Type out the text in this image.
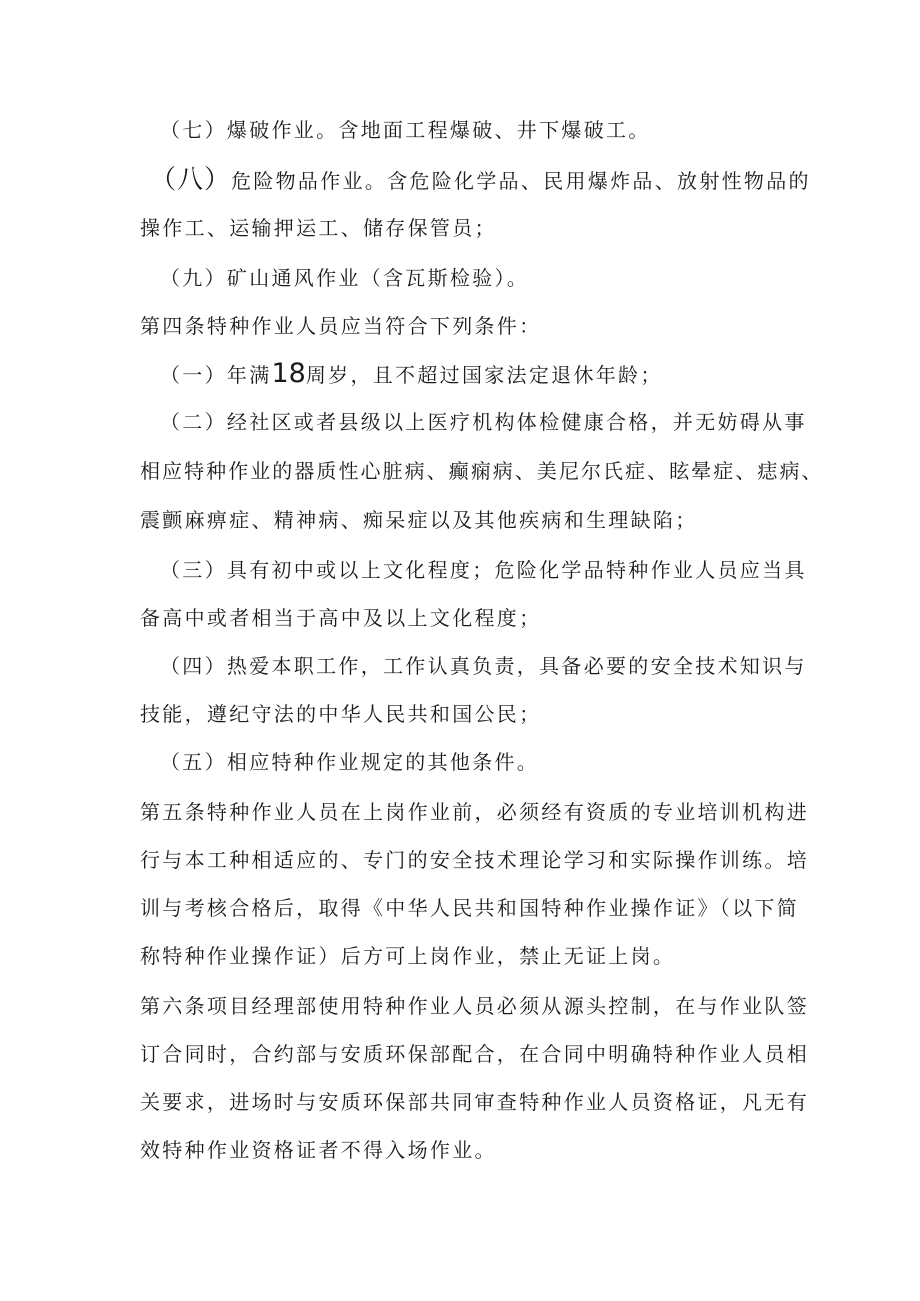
（七）爆破作业。含地面工程爆破、井下爆破工。

（八）危险物品作业。含危险化学品、民用爆炸品、放射性物品的

操作工、运输押运工、储存保管员；

（九）矿山通风作业（含瓦斯检验）。

第四条特种作业人员应当符合下列条件：

（一）年满18周岁，且不超过国家法定退休年龄；

（二）经社区或者县级以上医疗机构体检健康合格，并无妨碍从事

相应特种作业的器质性心脏病、癫痫病、美尼尔氏症、眩晕症、痣病、

震颤麻痹症、精神病、痴呆症以及其他疾病和生理缺陷；

（三）具有初中或以上文化程度；危险化学品特种作业人员应当具

备高中或者相当于高中及以上文化程度；

（四）热爱本职工作，工作认真负责，具备必要的安全技术知识与

技能，遵纪守法的中华人民共和国公民；

（五）相应特种作业规定的其他条件。

第五条特种作业人员在上岗作业前，必须经有资质的专业培训机构进

行与本工种相适应的、专门的安全技术理论学习和实际操作训练。培

训与考核合格后，取得《中华人民共和国特种作业操作证》（以下简

称特种作业操作证）后方可上岗作业，禁止无证上岗。

第六条项目经理部使用特种作业人员必须从源头控制，在与作业队签

订合同时，合约部与安质环保部配合，在合同中明确特种作业人员相

关要求，进场时与安质环保部共同审查特种作业人员资格证，凡无有

效特种作业资格证者不得入场作业。
